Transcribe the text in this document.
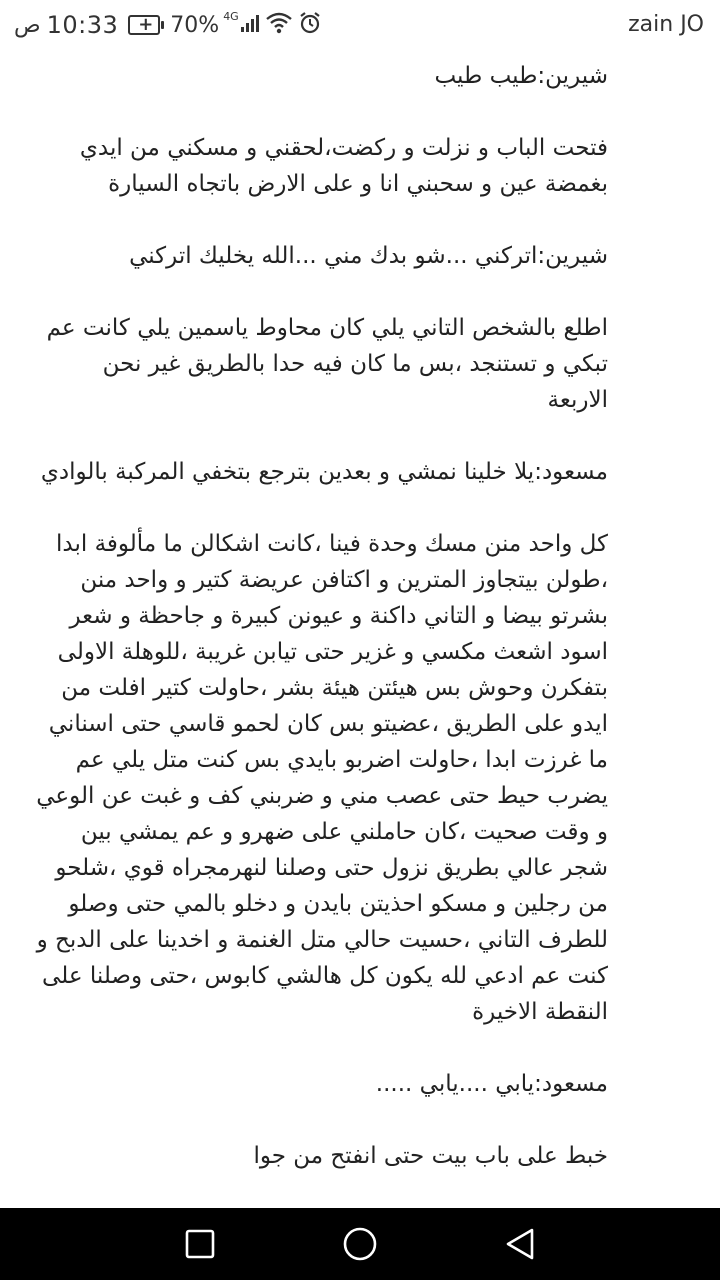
ص 10:33 + 70% 4G	zain JO

شيرين:طيب طيب

فتحت الباب و نزلت و ركضت،لحقني و مسكني من ايدي بغمضة عين و سحبني انا و على الارض باتجاه السيارة

شيرين:اتركني ...شو بدك مني ...الله يخليك اتركني

اطلع بالشخص التاني يلي كان محاوط ياسمين يلي كانت عم تبكي و تستنجد ،بس ما كان فيه حدا بالطريق غير نحن الاربعة

مسعود:يلا خلينا نمشي و بعدين بترجع بتخفي المركبة بالوادي

كل واحد منن مسك وحدة فينا ،كانت اشكالن ما مألوفة ابدا ،طولن بيتجاوز المترين و اكتافن عريضة كتير و واحد منن بشرتو بيضا و التاني داكنة و عيونن كبيرة و جاحظة و شعر اسود اشعث مكسي و غزير حتى تيابن غريبة ،للوهلة الاولى بتفكرن وحوش بس هيئتن هيئة بشر ،حاولت كتير افلت من ايدو على الطريق ،عضيتو بس كان لحمو قاسي حتى اسناني ما غرزت ابدا ،حاولت اضربو بايدي بس كنت متل يلي عم يضرب حيط حتى عصب مني و ضربني كف و غبت عن الوعي و وقت صحيت ،كان حاملني على ضهرو و عم يمشي بين شجر عالي بطريق نزول حتى وصلنا لنهرمجراه قوي ،شلحو من رجلين و مسكو احذيتن بايدن و دخلو بالمي حتى وصلو للطرف التاني ،حسيت حالي متل الغنمة و اخدينا على الدبح و كنت عم ادعي لله يكون كل هالشي كابوس ،حتى وصلنا على النقطة الاخيرة

مسعود:يابي ....يابي .....

خبط على باب بيت حتى انفتح من جوا
